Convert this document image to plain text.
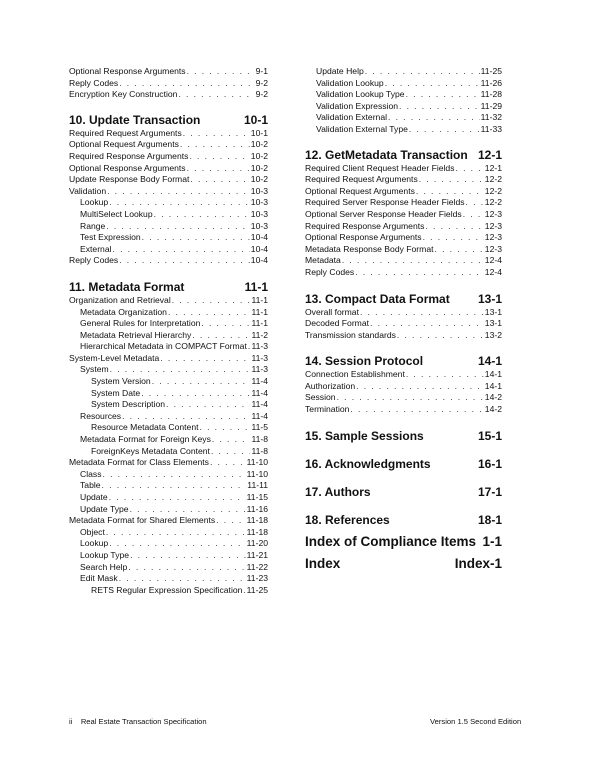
Optional Response Arguments . . .	9-1
Reply Codes . . .	9-2
Encryption Key Construction . . .	9-2
10. Update Transaction	10-1
Required Request Arguments . . .	10-1
Optional Request Arguments . . .	10-2
Required Response Arguments . . .	10-2
Optional Response Arguments . . .	10-2
Update Response Body Format . . .	10-2
Validation . . .	10-3
Lookup . . .	10-3
MultiSelect Lookup . . .	10-3
Range . . .	10-3
Test Expression . . .	10-4
External . . .	10-4
Reply Codes . . .	10-4
11. Metadata Format	11-1
Organization and Retrieval . . .	11-1
Metadata Organization . . .	11-1
General Rules for Interpretation . . .	11-1
Metadata Retrieval Hierarchy . . .	11-2
Hierarchical Metadata in COMPACT Format . . . 11-3
System-Level Metadata . . .	11-3
System . . .	11-3
System Version . . .	11-4
System Date . . .	11-4
System Description . . .	11-4
Resources . . .	11-4
Resource Metadata Content . . .	11-5
Metadata Format for Foreign Keys . . .	11-8
ForeignKeys Metadata Content . . .	11-8
Metadata Format for Class Elements . . .	11-10
Class . . .	11-10
Table . . .	11-11
Update . . .	11-15
Update Type . . .	11-16
Metadata Format for Shared Elements . . .	11-18
Object . . .	11-18
Lookup . . .	11-20
Lookup Type . . .	11-21
Search Help . . .	11-22
Edit Mask . . .	11-23
RETS Regular Expression Specification . . . 11-25
Update Help . . .	11-25
Validation Lookup . . .	11-26
Validation Lookup Type . . .	11-28
Validation Expression . . .	11-29
Validation External . . .	11-32
Validation External Type . . .	11-33
12. GetMetadata Transaction 12-1
Required Client Request Header Fields . . .	12-1
Required Request Arguments . . .	12-2
Optional Request Arguments . . .	12-2
Required Server Response Header Fields . . . 12-2
Optional Server Response Header Fields . . .	12-3
Required Response Arguments . . .	12-3
Optional Response Arguments . . .	12-3
Metadata Response Body Format . . .	12-3
Metadata . . .	12-4
Reply Codes . . .	12-4
13. Compact Data Format 13-1
Overall format . . .	13-1
Decoded Format . . .	13-1
Transmission standards . . .	13-2
14. Session Protocol	14-1
Connection Establishment . . .	14-1
Authorization . . .	14-1
Session . . .	14-2
Termination . . .	14-2
15. Sample Sessions	15-1
16. Acknowledgments	16-1
17. Authors	17-1
18. References	18-1
Index of Compliance Items 1-1
Index	Index-1
ii    Real Estate Transaction Specification	Version 1.5 Second Edition
